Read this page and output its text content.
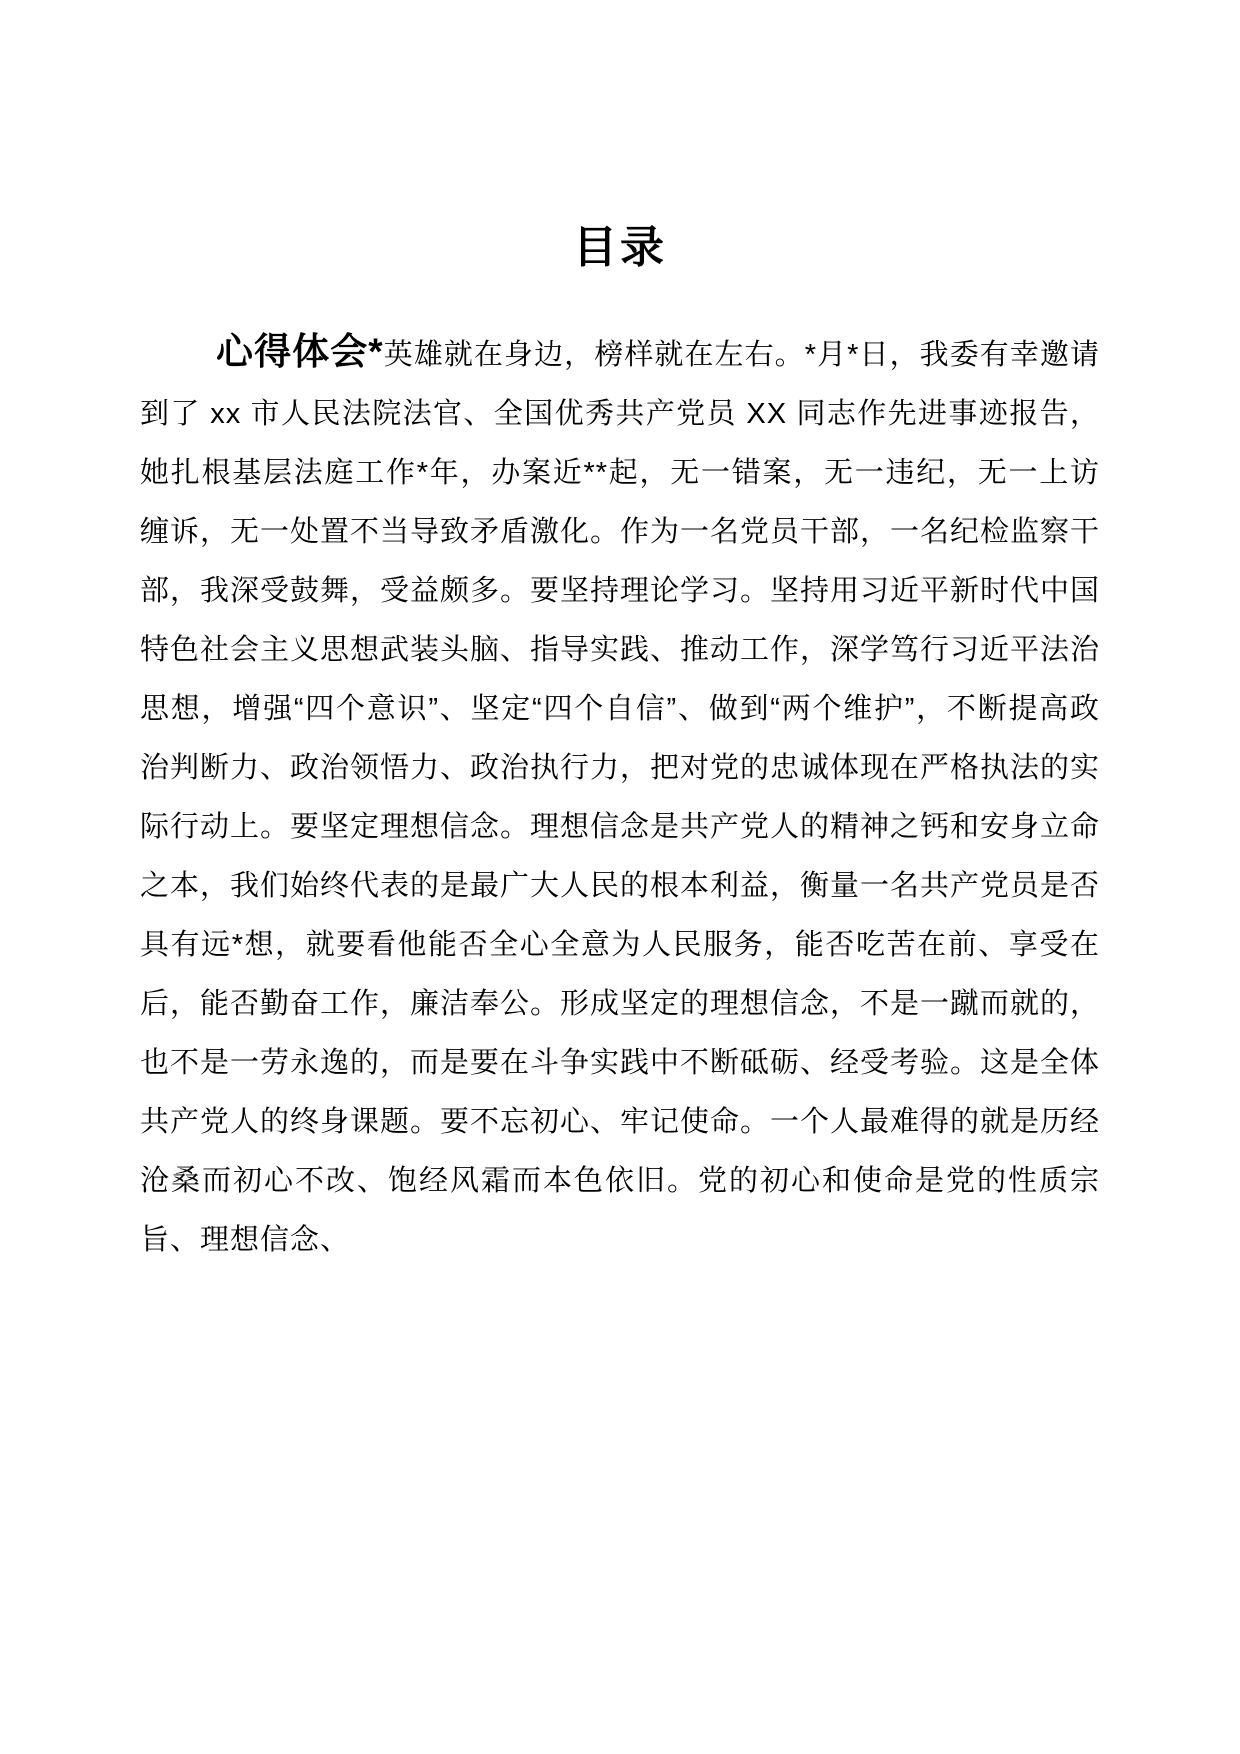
目录

心得体会*英雄就在身边，榜样就在左右。*月*日，我委有幸邀请到了 xx 市人民法院法官、全国优秀共产党员 XX 同志作先进事迹报告，她扎根基层法庭工作*年，办案近**起，无一错案，无一违纪，无一上访缠诉，无一处置不当导致矛盾激化。作为一名党员干部，一名纪检监察干部，我深受鼓舞，受益颇多。要坚持理论学习。坚持用习近平新时代中国特色社会主义思想武装头脑、指导实践、推动工作，深学笃行习近平法治思想，增强“四个意识”、坚定“四个自信”、做到“两个维护”，不断提高政治判断力、政治领悟力、政治执行力，把对党的忠诚体现在严格执法的实际行动上。要坚定理想信念。理想信念是共产党人的精神之钙和安身立命之本，我们始终代表的是最广大人民的根本利益，衡量一名共产党员是否具有远*想，就要看他能否全心全意为人民服务，能否吃苦在前、享受在后，能否勤奋工作，廉洁奉公。形成坚定的理想信念，不是一蹴而就的，也不是一劳永逸的，而是要在斗争实践中不断砥砺、经受考验。这是全体共产党人的终身课题。要不忘初心、牢记使命。一个人最难得的就是历经沧桑而初心不改、饱经风霜而本色依旧。党的初心和使命是党的性质宗旨、理想信念、
